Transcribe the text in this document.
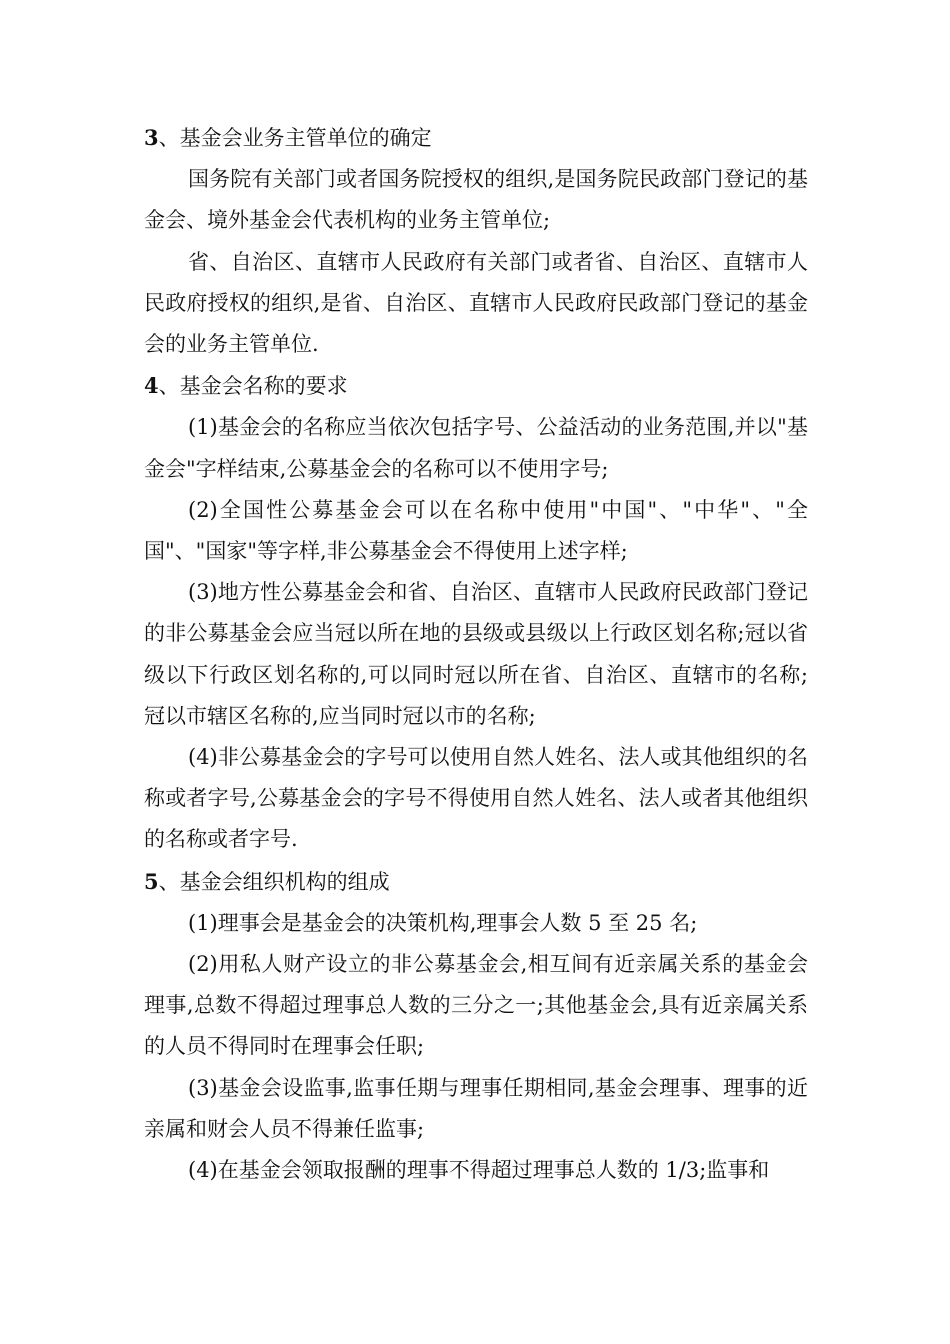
3、基金会业务主管单位的确定

国务院有关部门或者国务院授权的组织,是国务院民政部门登记的基金会、境外基金会代表机构的业务主管单位;

省、自治区、直辖市人民政府有关部门或者省、自治区、直辖市人民政府授权的组织,是省、自治区、直辖市人民政府民政部门登记的基金会的业务主管单位.

4、基金会名称的要求

(1)基金会的名称应当依次包括字号、公益活动的业务范围,并以"基金会"字样结束,公募基金会的名称可以不使用字号;

(2)全国性公募基金会可以在名称中使用"中国"、"中华"、"全国"、"国家"等字样,非公募基金会不得使用上述字样;

(3)地方性公募基金会和省、自治区、直辖市人民政府民政部门登记的非公募基金会应当冠以所在地的县级或县级以上行政区划名称;冠以省级以下行政区划名称的,可以同时冠以所在省、自治区、直辖市的名称;冠以市辖区名称的,应当同时冠以市的名称;

(4)非公募基金会的字号可以使用自然人姓名、法人或其他组织的名称或者字号,公募基金会的字号不得使用自然人姓名、法人或者其他组织的名称或者字号.

5、基金会组织机构的组成

(1)理事会是基金会的决策机构,理事会人数 5 至 25 名;

(2)用私人财产设立的非公募基金会,相互间有近亲属关系的基金会理事,总数不得超过理事总人数的三分之一;其他基金会,具有近亲属关系的人员不得同时在理事会任职;

(3)基金会设监事,监事任期与理事任期相同,基金会理事、理事的近亲属和财会人员不得兼任监事;

(4)在基金会领取报酬的理事不得超过理事总人数的 1/3;监事和
